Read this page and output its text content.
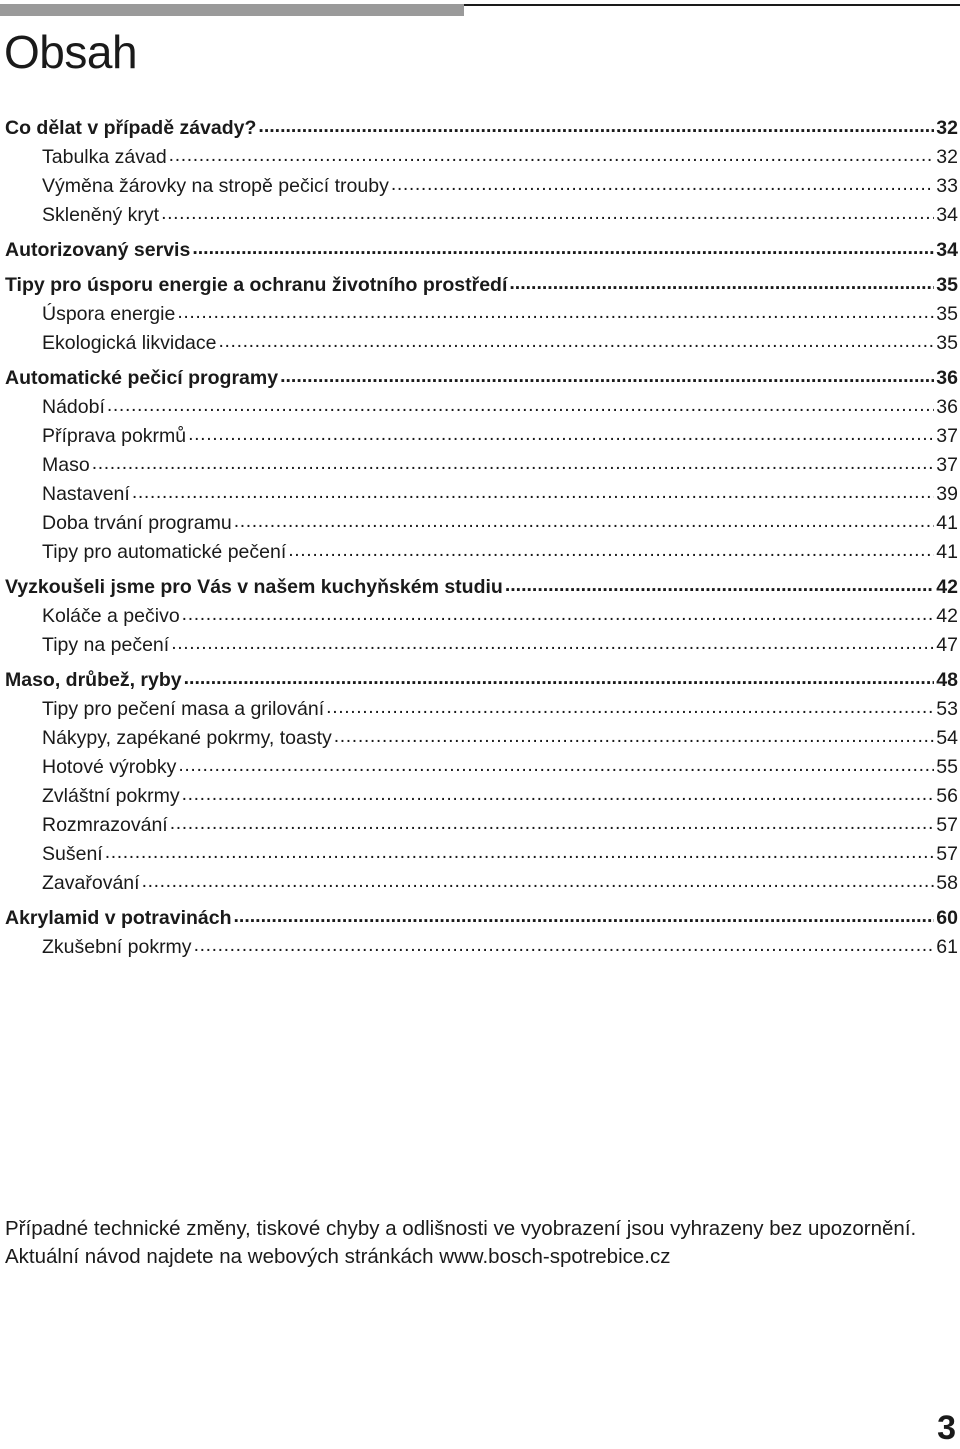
Obsah
Co dělat v případě závady? .....	32
Tabulka závad .....	32
Výměna žárovky na stropě pečicí trouby .....	33
Skleněný kryt .....	34
Autorizovaný servis .....	34
Tipy pro úsporu energie a ochranu životního prostředí .....	35
Úspora energie .....	35
Ekologická likvidace .....	35
Automatické pečicí programy .....	36
Nádobí .....	36
Příprava pokrmů .....	37
Maso .....	37
Nastavení .....	39
Doba trvání programu .....	41
Tipy pro automatické pečení .....	41
Vyzkoušeli jsme pro Vás v našem kuchyňském studiu .....	42
Koláče a pečivo .....	42
Tipy na pečení .....	47
Maso, drůbež, ryby .....	48
Tipy pro pečení masa a grilování .....	53
Nákypy, zapékané pokrmy, toasty .....	54
Hotové výrobky .....	55
Zvláštní pokrmy .....	56
Rozmrazování .....	57
Sušení .....	57
Zavařování .....	58
Akrylamid v potravinách .....	60
Zkušební pokrmy .....	61

Případné technické změny, tiskové chyby a odlišnosti ve vyobrazení jsou vyhrazeny bez upozornění. Aktuální návod najdete na webových stránkách www.bosch-spotrebice.cz

3
